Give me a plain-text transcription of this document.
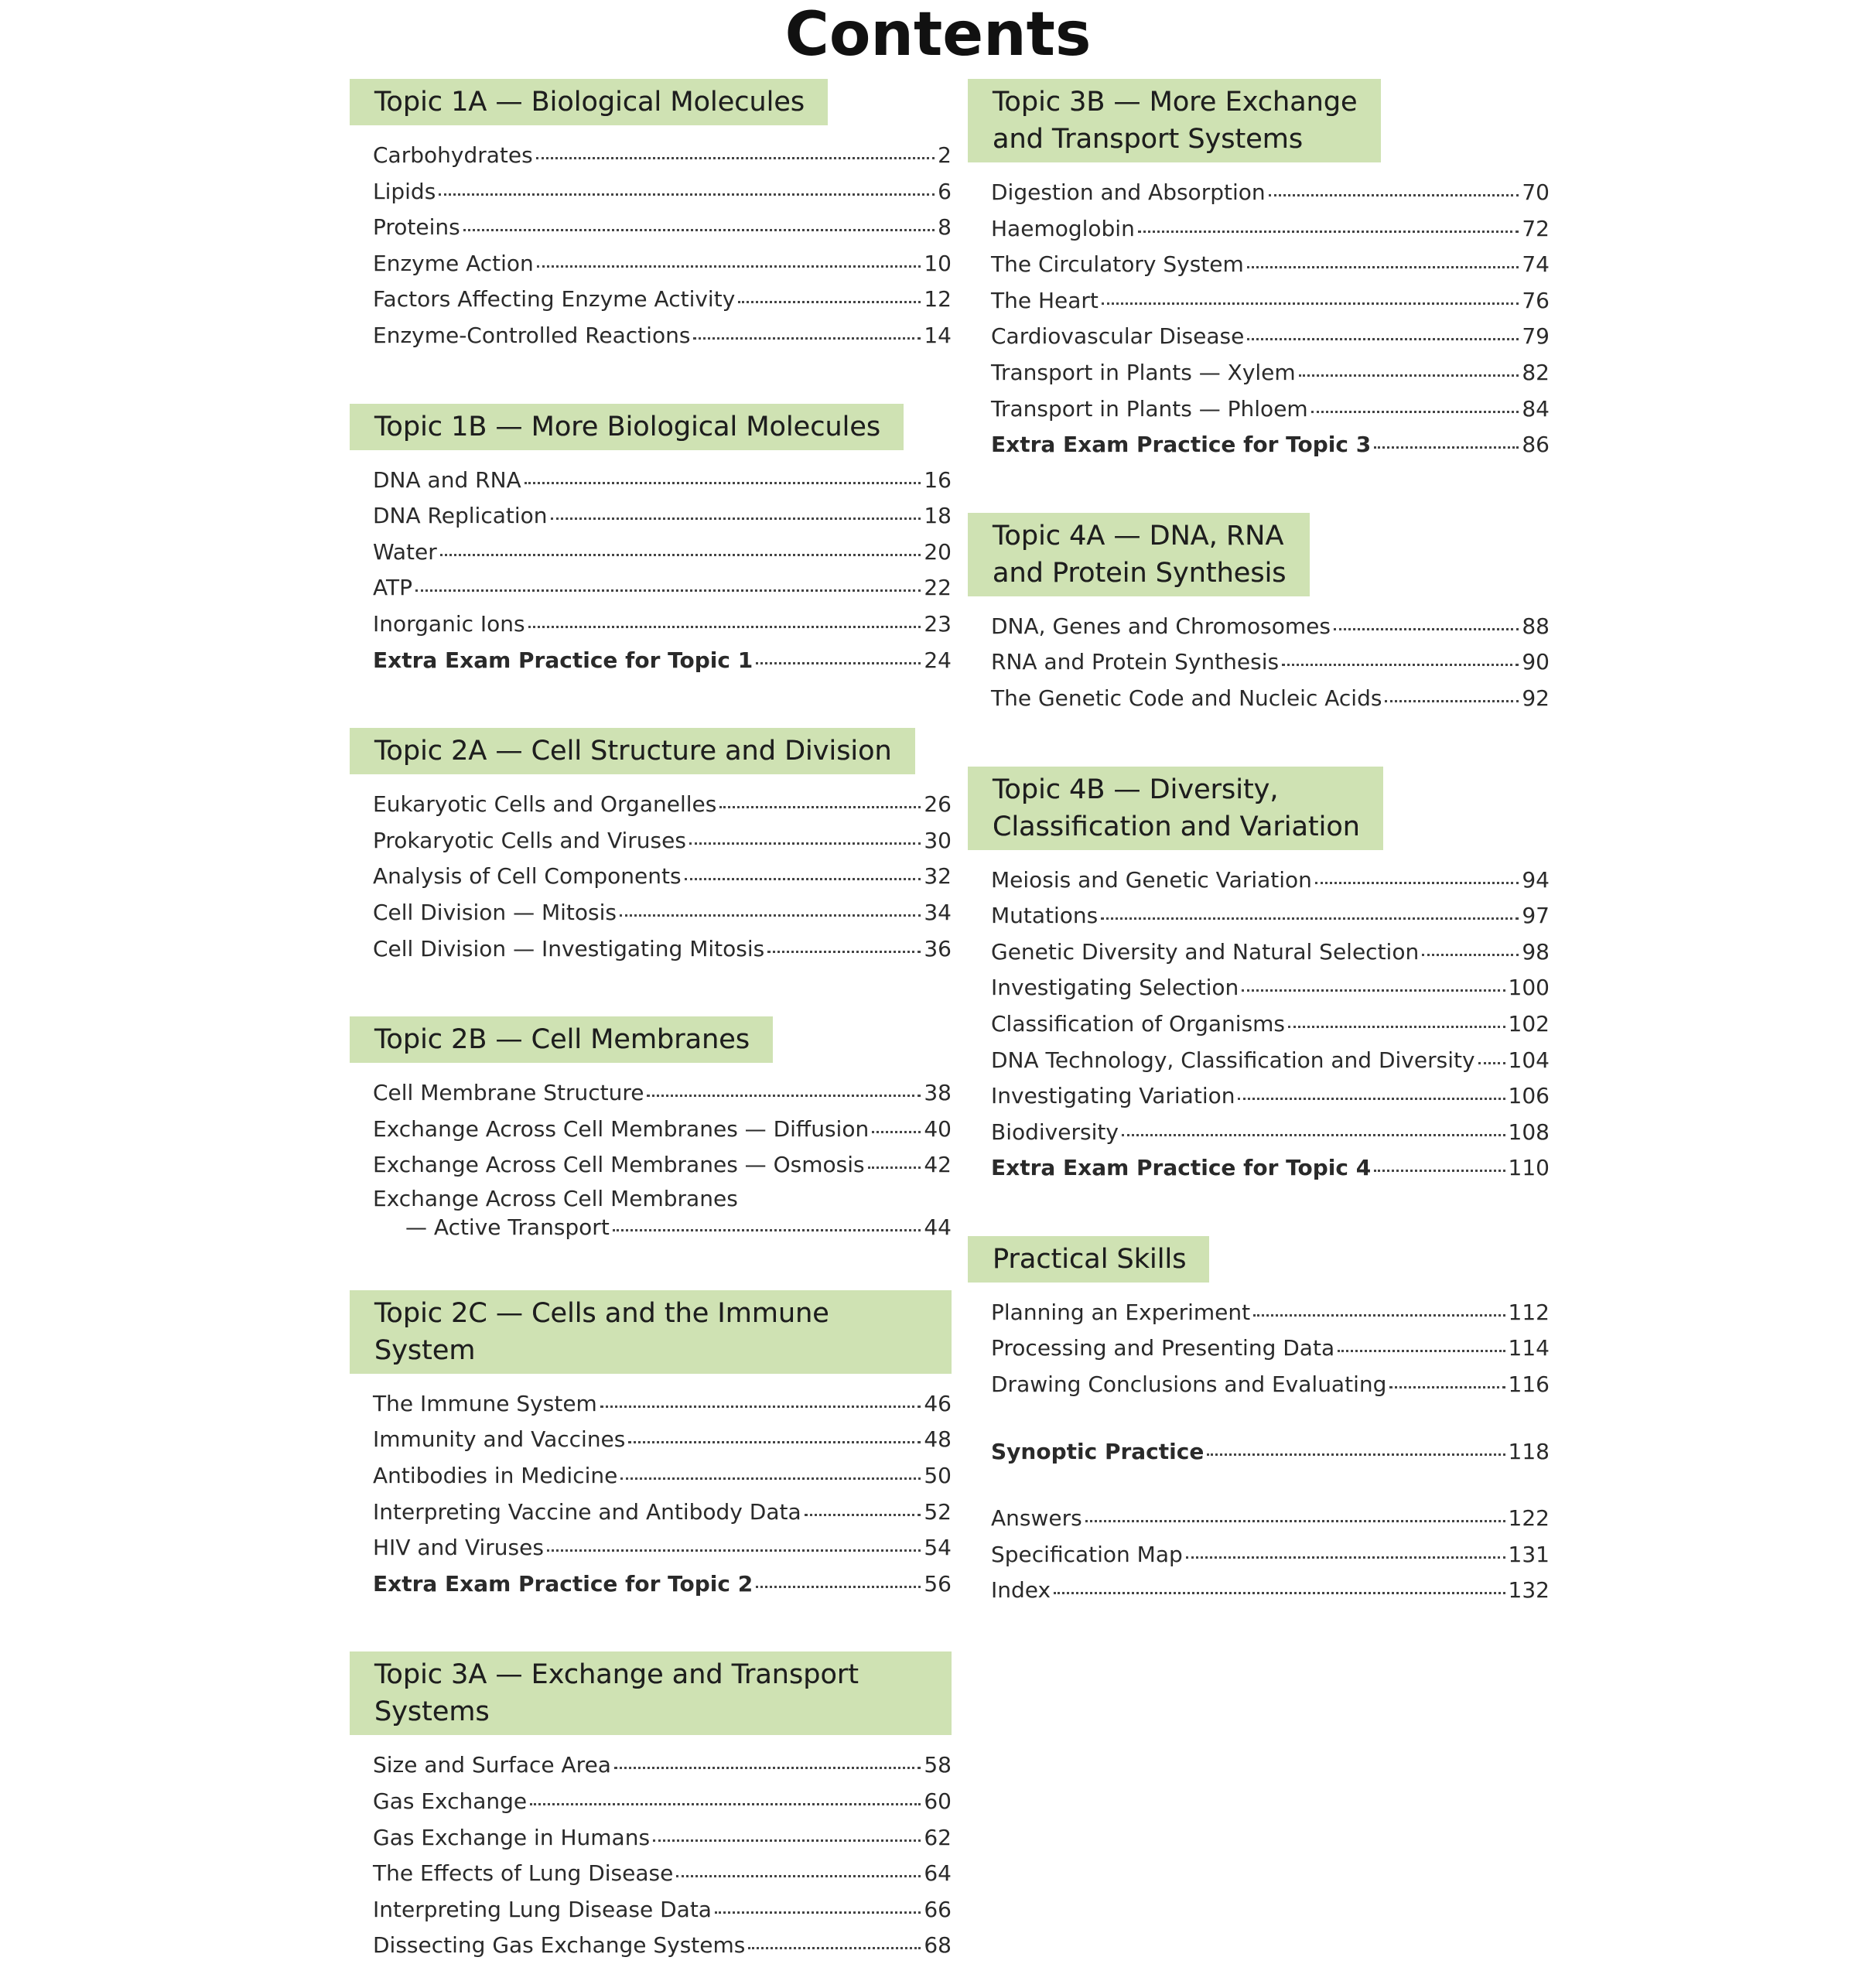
Contents
Topic 1A — Biological Molecules
Carbohydrates	2
Lipids	6
Proteins	8
Enzyme Action	10
Factors Affecting Enzyme Activity	12
Enzyme-Controlled Reactions	14
Topic 1B — More Biological Molecules
DNA and RNA	16
DNA Replication	18
Water	20
ATP	22
Inorganic Ions	23
Extra Exam Practice for Topic 1	24
Topic 2A — Cell Structure and Division
Eukaryotic Cells and Organelles	26
Prokaryotic Cells and Viruses	30
Analysis of Cell Components	32
Cell Division — Mitosis	34
Cell Division — Investigating Mitosis	36
Topic 2B — Cell Membranes
Cell Membrane Structure	38
Exchange Across Cell Membranes — Diffusion	40
Exchange Across Cell Membranes — Osmosis	42
Exchange Across Cell Membranes
— Active Transport	44
Topic 2C — Cells and the Immune System
The Immune System	46
Immunity and Vaccines	48
Antibodies in Medicine	50
Interpreting Vaccine and Antibody Data	52
HIV and Viruses	54
Extra Exam Practice for Topic 2	56
Topic 3A — Exchange and Transport Systems
Size and Surface Area	58
Gas Exchange	60
Gas Exchange in Humans	62
The Effects of Lung Disease	64
Interpreting Lung Disease Data	66
Dissecting Gas Exchange Systems	68
Topic 3B — More Exchange
and Transport Systems
Digestion and Absorption	70
Haemoglobin	72
The Circulatory System	74
The Heart	76
Cardiovascular Disease	79
Transport in Plants — Xylem	82
Transport in Plants — Phloem	84
Extra Exam Practice for Topic 3	86
Topic 4A — DNA, RNA
and Protein Synthesis
DNA, Genes and Chromosomes	88
RNA and Protein Synthesis	90
The Genetic Code and Nucleic Acids	92
Topic 4B — Diversity,
Classification and Variation
Meiosis and Genetic Variation	94
Mutations	97
Genetic Diversity and Natural Selection	98
Investigating Selection	100
Classification of Organisms	102
DNA Technology, Classification and Diversity 104
Investigating Variation	106
Biodiversity	108
Extra Exam Practice for Topic 4	110
Practical Skills
Planning an Experiment	112
Processing and Presenting Data	114
Drawing Conclusions and Evaluating	116
Synoptic Practice	118
Answers	122
Specification Map	131
Index	132
